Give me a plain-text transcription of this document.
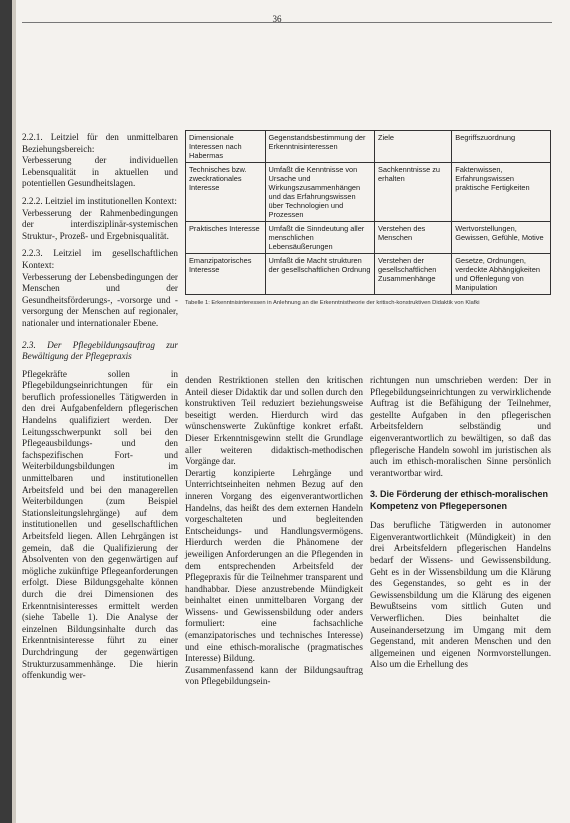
36

2.2.1. Leitziel für den unmittelbaren Beziehungsbereich:

Verbesserung der individuellen Lebensqualität in aktuellen und potentiellen Gesundheitslagen.

2.2.2. Leitziel im institutionellen Kontext:

Verbesserung der Rahmenbedingungen der interdisziplinär-systemischen Struktur-, Prozeß- und Ergebnisqualität.

2.2.3. Leitziel im gesellschaftlichen Kontext:

Verbesserung der Lebensbedingungen der Menschen und der Gesundheitsförderungs-, -vorsorge und -versorgung der Menschen auf regionaler, nationaler und internationaler Ebene.

2.3. Der Pflegebildungsauftrag zur Bewältigung der Pflegepraxis

Pflegekräfte sollen in Pflegebildungseinrichtungen für ein beruflich professionelles Tätigwerden in den drei Aufgabenfeldern pflegerischen Handelns qualifiziert werden. Der Leitungsschwerpunkt soll bei den Pflegeausbildungs- und den fachspezifischen Fort- und Weiterbildungsbildungen im unmittelbaren und institutionellen Arbeitsfeld und bei den managerellen Weiterbildungen (zum Beispiel Stationsleitungslehrgänge) auf dem institutionellen und gesellschaftlichen Arbeitsfeld liegen. Allen Lehrgängen ist gemein, daß die Qualifizierung der Absolventen von den gegenwärtigen auf mögliche zukünftige Pflegeanforderungen erfolgt. Diese Bildungsgehalte können durch die drei Dimensionen des Erkenntnisinteresses ermittelt werden (siehe Tabelle 1). Die Analyse der einzelnen Bildungsinhalte durch das Erkenntnisinteresse führt zu einer Durchdringung der gegenwärtigen Strukturzusammenhänge. Die hierin offenkundig wer-

Dimensionale Interessen nach Habermas	Gegenstandsbestimmung der Erkenntnisinteressen	Ziele	Begriffszuordnung
Technisches bzw. zweckrationales Interesse	Umfaßt die Kenntnisse von Ursache und Wirkungszusammenhängen und das Erfahrungswissen über Technologien und Prozessen	Sachkenntnisse zu erhalten	Faktenwissen, Erfahrungswissen praktische Fertigkeiten
Praktisches Interesse	Umfaßt die Sinndeutung aller menschlichen Lebensäußerungen	Verstehen des Menschen	Wertvorstellungen, Gewissen, Gefühle, Motive
Emanzipatorisches Interesse	Umfaßt die Macht strukturen der gesellschaftlichen Ordnung	Verstehen der gesellschaftlichen Zusammenhänge	Gesetze, Ordnungen, verdeckte Abhängigkeiten und Offenlegung von Manipulation
Tabelle 1: Erkenntnisinteressen in Anlehnung an die Erkenntnistheorie der kritisch-konstruktiven Didaktik von Klafki

denden Restriktionen stellen den kritischen Anteil dieser Didaktik dar und sollen durch den konstruktiven Teil reduziert beziehungsweise beseitigt werden. Hierdurch wird das wünschenswerte Zukünftige konkret erfaßt. Dieser Erkenntnisgewinn stellt die Grundlage aller weiteren didaktisch-methodischen Vorgänge dar.

Derartig konzipierte Lehrgänge und Unterrichtseinheiten nehmen Bezug auf den inneren Vorgang des eigenverantwortlichen Handelns, das heißt des dem externen Handeln vorgeschalteten und begleitenden Entscheidungs- und Handlungsvermögens. Hierdurch werden die Phänomene der jeweiligen Anforderungen an die Pflegenden in dem entsprechenden Arbeitsfeld der Pflegepraxis für die Teilnehmer transparent und handhabbar. Diese anzustrebende Mündigkeit beinhaltet einen unmittelbaren Vorgang der Wissens- und Gewissensbildung oder anders formuliert: eine fachsachliche (emanzipatorisches und technisches Interesse) und eine ethisch-moralische (pragmatisches Interesse) Bildung.

Zusammenfassend kann der Bildungsauftrag von Pflegebildungsein-

richtungen nun umschrieben werden: Der in Pflegebildungseinrichtungen zu verwirklichende Auftrag ist die Befähigung der Teilnehmer, gestellte Aufgaben in den pflegerischen Arbeitsfeldern selbständig und eigenverantwortlich zu bewältigen, so daß das pflegerische Handeln sowohl im juristischen als auch im ethisch-moralischen Sinne persönlich verantwortbar wird.

3. Die Förderung der ethisch-moralischen Kompetenz von Pflegepersonen

Das berufliche Tätigwerden in autonomer Eigenverantwortlichkeit (Mündigkeit) in den drei Arbeitsfeldern pflegerischen Handelns bedarf der Wissens- und Gewissensbildung. Geht es in der Wissensbildung um die Klärung des Gegenstandes, so geht es in der Gewissensbildung um die Klärung des eigenen Bewußtseins vom sittlich Guten und Verwerflichen. Dies beinhaltet die Auseinandersetzung im Umgang mit dem Gegenstand, mit anderen Menschen und den allgemeinen und eigenen Normvorstellungen. Also um die Erhellung des
